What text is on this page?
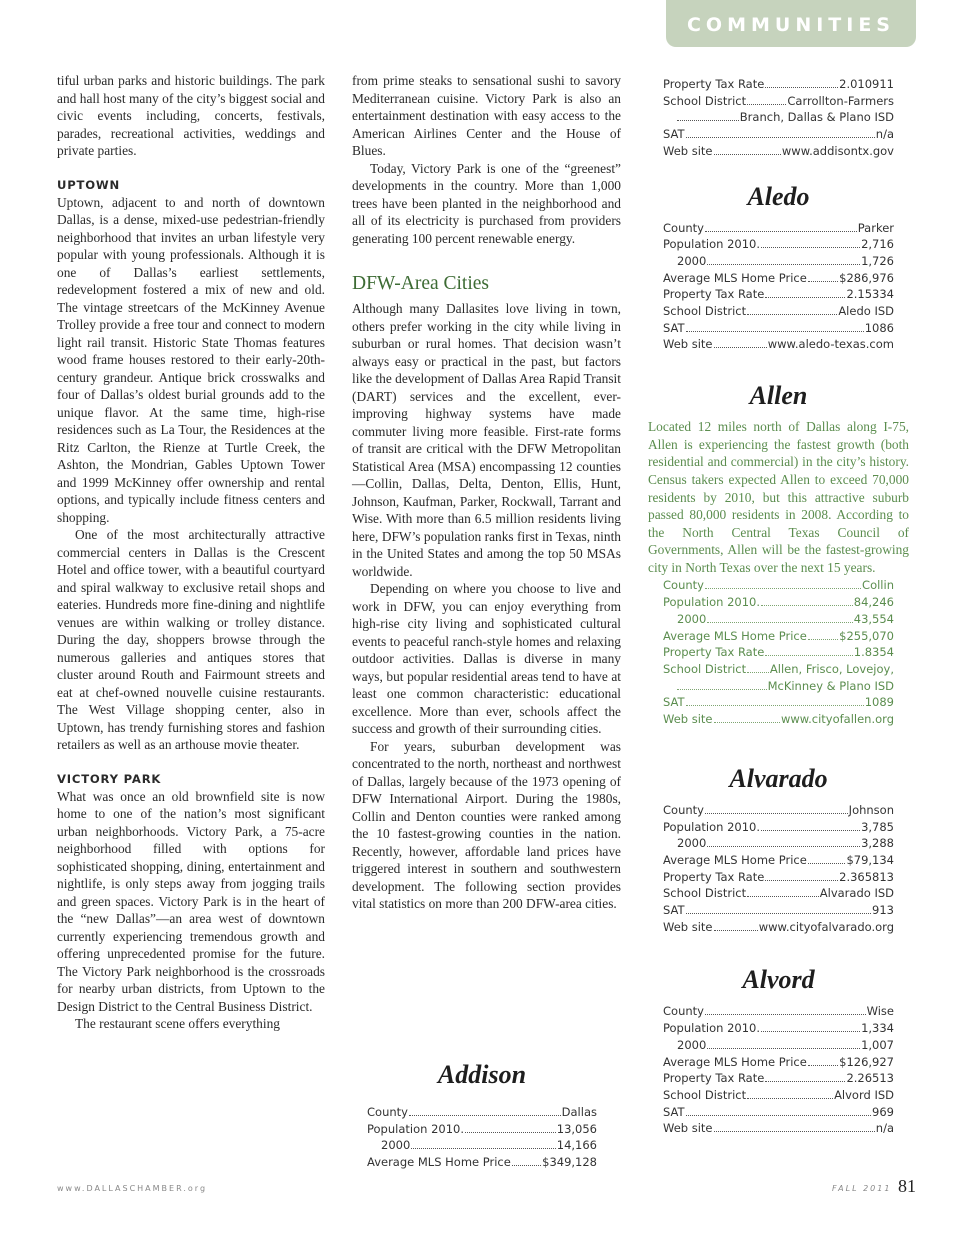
COMMUNITIES

tiful urban parks and historic buildings. The park and hall host many of the city’s biggest social and civic events including, concerts, festivals, parades, recreational activities, weddings and private parties.

UPTOWN

Uptown, adjacent to and north of downtown Dallas, is a dense, mixed-use pedestrian-friendly neighborhood that invites an urban lifestyle very popular with young professionals. Although it is one of Dallas’s earliest settlements, redevelopment fostered a mix of new and old. The vintage streetcars of the McKinney Avenue Trolley provide a free tour and connect to modern light rail transit. Historic State Thomas features wood frame houses restored to their early-20th-century grandeur. Antique brick crosswalks and four of Dallas’s oldest burial grounds add to the unique flavor. At the same time, high-rise residences such as La Tour, the Residences at the Ritz Carlton, the Rienze at Turtle Creek, the Ashton, the Mondrian, Gables Uptown Tower and 1999 McKinney offer ownership and rental options, and typically include fitness centers and shopping.

One of the most architecturally attractive commercial centers in Dallas is the Crescent Hotel and office tower, with a beautiful courtyard and spiral walkway to exclusive retail shops and eateries. Hundreds more fine-dining and nightlife venues are within walking or trolley distance. During the day, shoppers browse through the numerous galleries and antiques stores that cluster around Routh and Fairmount streets and eat at chef-owned nouvelle cuisine restaurants. The West Village shopping center, also in Uptown, has trendy furnishing stores and fashion retailers as well as an arthouse movie theater.

VICTORY PARK

What was once an old brownfield site is now home to one of the nation’s most significant urban neighborhoods. Victory Park, a 75-acre neighborhood filled with options for sophisticated shopping, dining, entertainment and nightlife, is only steps away from jogging trails and green spaces. Victory Park is in the heart of the “new Dallas”—an area west of downtown currently experiencing tremendous growth and offering unprecedented promise for the future. The Victory Park neighborhood is the crossroads for nearby urban districts, from Uptown to the Design District to the Central Business District.

The restaurant scene offers everything

from prime steaks to sensational sushi to savory Mediterranean cuisine. Victory Park is also an entertainment destination with easy access to the American Airlines Center and the House of Blues.

Today, Victory Park is one of the “greenest” developments in the country. More than 1,000 trees have been planted in the neighborhood and all of its electricity is purchased from providers generating 100 percent renewable energy.

DFW-Area Cities

Although many Dallasites love living in town, others prefer working in the city while living in suburban or rural homes. That decision wasn’t always easy or practical in the past, but factors like the development of Dallas Area Rapid Transit (DART) services and the excellent, ever-improving highway systems have made commuter living more feasible. First-rate forms of transit are critical with the DFW Metropolitan Statistical Area (MSA) encompassing 12 counties—Collin, Dallas, Delta, Denton, Ellis, Hunt, Johnson, Kaufman, Parker, Rockwall, Tarrant and Wise. With more than 6.5 million residents living here, DFW’s population ranks first in Texas, ninth in the United States and among the top 50 MSAs worldwide.

Depending on where you choose to live and work in DFW, you can enjoy everything from high-rise city living and sophisticated cultural events to peaceful ranch-style homes and relaxing outdoor activities. Dallas is diverse in many ways, but popular residential areas tend to have at least one common characteristic: educational excellence. More than ever, schools affect the success and growth of their surrounding cities.

For years, suburban development was concentrated to the north, northeast and northwest of Dallas, largely because of the 1973 opening of DFW International Airport. During the 1980s, Collin and Denton counties were ranked among the 10 fastest-growing counties in the nation. Recently, however, affordable land prices have triggered interest in southern and southwestern development. The following section provides vital statistics on more than 200 DFW-area cities.

Addison
County	Dallas
Population 2010.	13,056
2000	14,166
Average MLS Home Price	$349,128
Property Tax Rate	2.010911
School District	Carrollton-Farmers
Branch, Dallas & Plano ISD
SAT	n/a
Web site	www.addisontx.gov
Aledo
County	Parker
Population 2010.	2,716
2000	1,726
Average MLS Home Price	$286,976
Property Tax Rate	2.15334
School District	Aledo ISD
SAT	1086
Web site	www.aledo-texas.com
Allen

Located 12 miles north of Dallas along I-75, Allen is experiencing the fastest growth (both residential and commercial) in the city’s history. Census takers expected Allen to exceed 70,000 residents by 2010, but this attractive suburb passed 80,000 residents in 2008. According to the North Central Texas Council of Governments, Allen will be the fastest-growing city in North Texas over the next 15 years.

County	Collin
Population 2010.	84,246
2000	43,554
Average MLS Home Price	$255,070
Property Tax Rate	1.8354
School District Allen, Frisco, Lovejoy,
McKinney & Plano ISD
SAT	1089
Web site	www.cityofallen.org
Alvarado
County	Johnson
Population 2010.	3,785
2000	3,288
Average MLS Home Price	$79,134
Property Tax Rate	2.365813
School District	Alvarado ISD
SAT	913
Web site	www.cityofalvarado.org
Alvord
County	Wise
Population 2010.	1,334
2000	1,007
Average MLS Home Price	$126,927
Property Tax Rate	2.26513
School District	Alvord ISD
SAT	969
Web site	n/a
www.DALLASCHAMBER.org	FALL 2011 81
